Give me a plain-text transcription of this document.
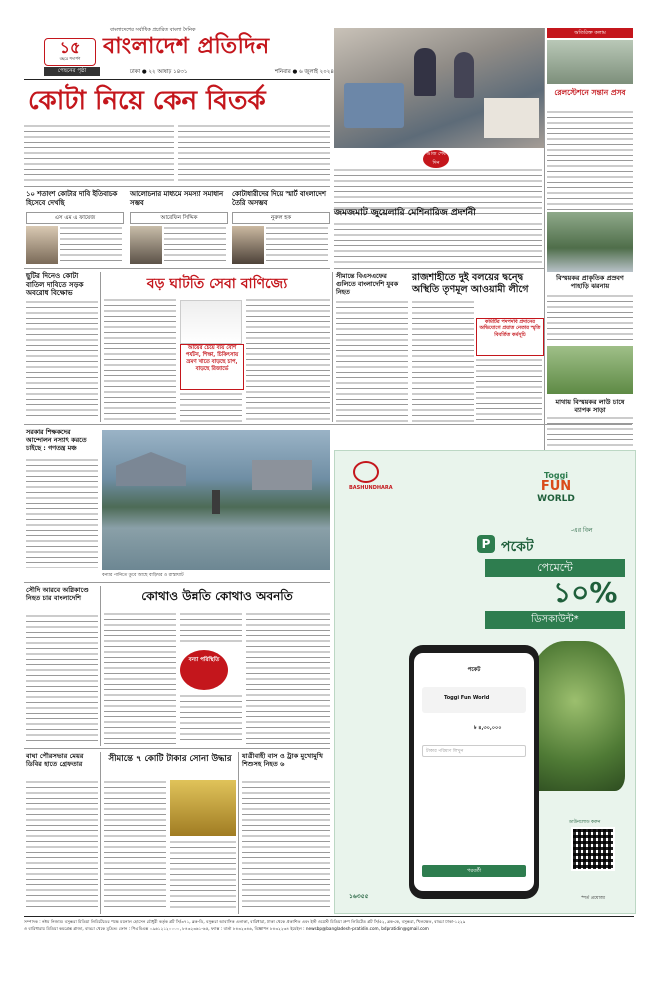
১৫
বছরে পদার্পণ
বাংলাদেশের সর্বাধিক প্রচারিত বাংলা দৈনিক
বাংলাদেশ প্রতিদিন
পেছনের পৃষ্ঠা	ঢাকা ● ২২ আষাঢ় ১৪৩১	শনিবার ● ৬ জুলাই ২০২৪
আজ শেষ দিন
অতিরিক্ত কলাম
রেলস্টেশনে সন্তান প্রসব
বিস্ময়কর প্রাকৃতিক প্রস্রবণ পাহাড়ি ঝরনায়
মাথায় বিস্ময়কর লাউ চাষে ব্যাপক সাড়া
কোটা নিয়ে কেন বিতর্ক
১০ শতাংশ কোটার দাবি ইতিবাচক হিসেবে দেখছি
আলোচনার মাধ্যমে সমস্যা সমাধান সম্ভব
কোটাধারীদের দিয়ে স্মার্ট বাংলাদেশ তৈরি অসম্ভব
এস এম এ ফায়েজ	আরেফিন সিদ্দিক	নুরুল হক	জমজমাট জুয়েলারি মেশিনারিজ প্রদর্শনী
ছুটির দিনেও কোটা বাতিল দাবিতে সড়ক অবরোধ বিক্ষোভ
বড় ঘাটতি সেবা বাণিজ্যে
আয়ের চেয়ে ব্যয় বেশি পর্যটন, শিক্ষা, চিকিৎসায় ভ্রমণ খাতে বাড়ছে চাপ, বাড়ছে রিজার্ভে
সীমান্তে বিএসএফের গুলিতে বাংলাদেশি যুবক নিহত
রাজশাহীতে দুই বলয়ের দ্বন্দ্বে অস্থিতি তৃণমূল আওয়ামী লীগে
কমিটির পদপদবি প্রদানের অভিযোগে প্রয়াত নেতার স্মৃতি বিবর্তিত কর্মসূচি
সরকার শিক্ষকদের আন্দোলন নস্যাৎ করতে চাইছে : গণতন্ত্র মঞ্চ
বন্যার পানিতে ডুবে আছে বাড়িঘর ও রাস্তাঘাট
সৌদি আরবে অগ্নিকাণ্ডে নিহত চার বাংলাদেশি	কোথাও উন্নতি কোথাও অবনতি
বন্যা পরিস্থিতি
বাঘা পৌরসভার মেয়র ডিবির হাতে গ্রেফতার
সীমান্তে ৭ কোটি টাকার সোনা উদ্ধার	যাত্রীবাহী বাস ও ট্রাক মুখোমুখি শিশুসহ নিহত ৬
BASHUNDHARA
Toggi
FUN
WORLD
-এর বিল
P পকেট
পেমেন্টে
১০%
ডিসকাউন্ট*
পকেট
Toggi Fun World
৳ ৪,৩০,০০০
টাকার পরিমাণ লিখুন
পরবর্তী
১৬৩৫৫
ডাউনলোড করুন
*শর্ত প্রযোজ্য
সম্পাদক : নঈম নিজাম। বসুন্ধরা মিডিয়া লিমিটেডের পক্ষে ময়নাল হোসেন চৌধুরী কর্তৃক প্লট সি/৩৭১, ব্লক-ডি, বসুন্ধরা আবাসিক এলাকা, বারিধারা, ঢাকা থেকে প্রকাশিত এবং ইস্ট ওয়েস্ট মিডিয়া গ্রুপ লিমিটেড প্লট সি/৫২, ব্লক-কে, বসুন্ধরা, খিলক্ষেত, বাড্ডা ঢাকা-১২২৯
ও বারিধারায় মিডিয়া কমপ্লেক্স প্লাজা, বাড্ডা থেকে মুদ্রিত। ফোন : পিএবিএক্স ০৯৬১২১২০০০০, ৮৪৩২৩৬১-৬৫, ফ্যাক্স : বার্তা ৮৪৩২৩৪৬, বিজ্ঞাপন ৮৪৩২২৩৪ ইমেইল : newsbp@bangladesh-pratidin.com, bdpratidin@gmail.com
